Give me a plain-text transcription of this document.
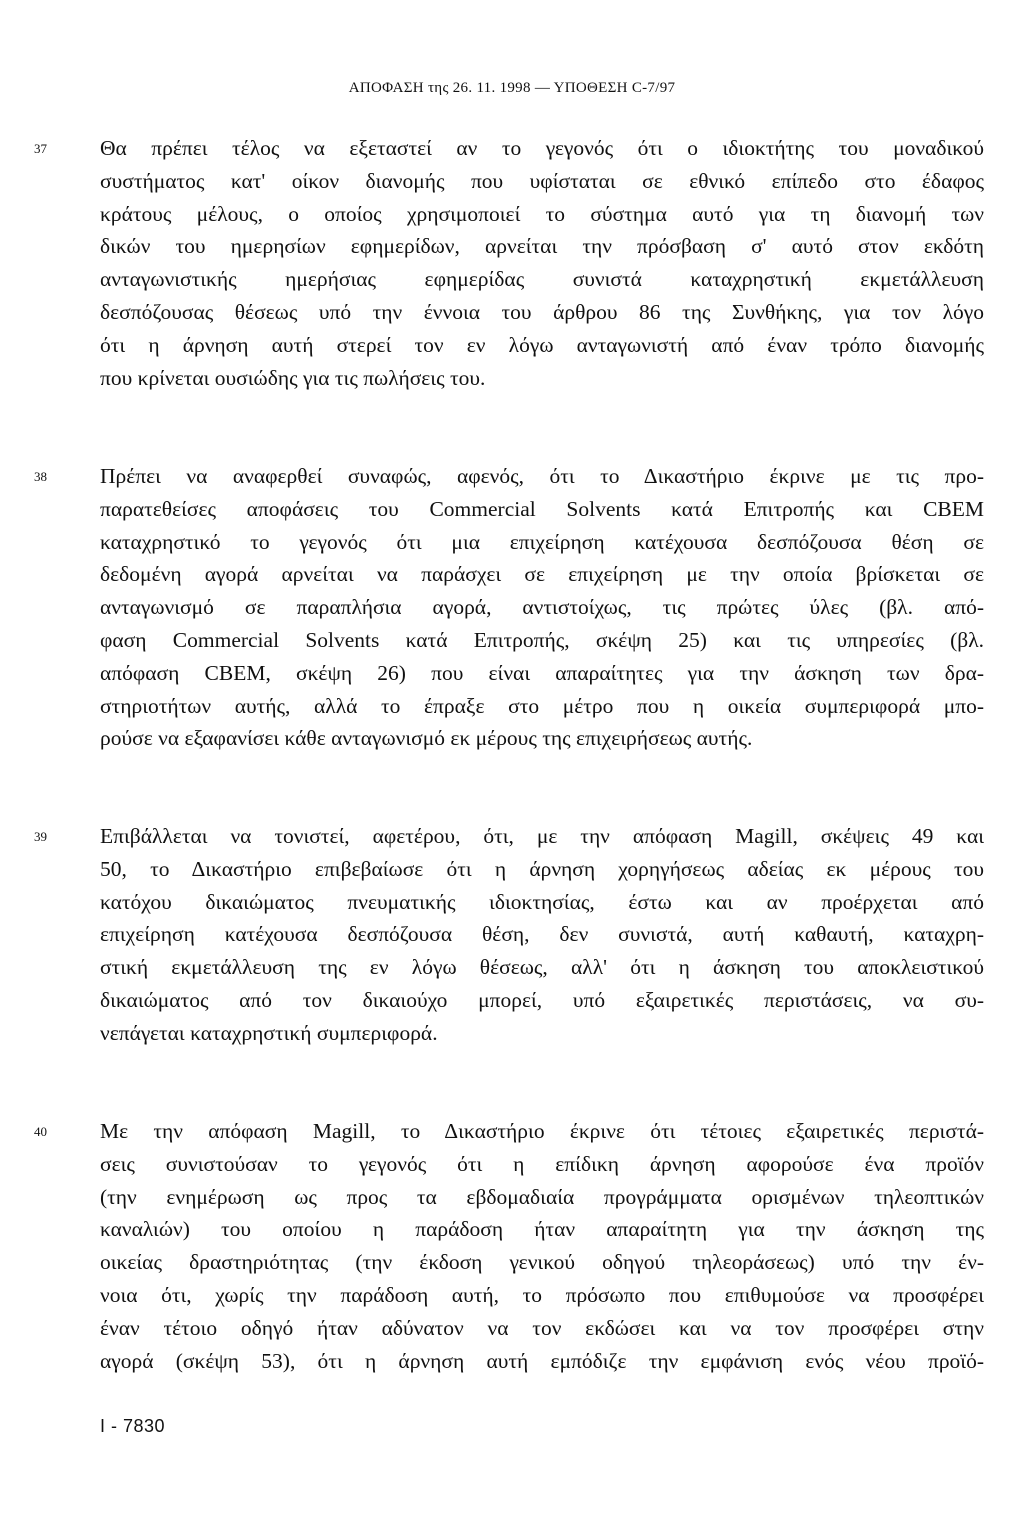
ΑΠΟΦΑΣΗ της 26. 11. 1998 — ΥΠΟΘΕΣΗ C-7/97
37 Θα πρέπει τέλος να εξεταστεί αν το γεγονός ότι ο ιδιοκτήτης του μοναδικού
συστήματος κατ' οίκον διανομής που υφίσταται σε εθνικό επίπεδο στο έδαφος
κράτους μέλους, ο οποίος χρησιμοποιεί το σύστημα αυτό για τη διανομή των
δικών του ημερησίων εφημερίδων, αρνείται την πρόσβαση σ' αυτό στον εκδότη
ανταγωνιστικής ημερήσιας εφημερίδας συνιστά καταχρηστική εκμετάλλευση
δεσπόζουσας θέσεως υπό την έννοια του άρθρου 86 της Συνθήκης, για τον λόγο
ότι η άρνηση αυτή στερεί τον εν λόγω ανταγωνιστή από έναν τρόπο διανομής
που κρίνεται ουσιώδης για τις πωλήσεις του.
38 Πρέπει να αναφερθεί συναφώς, αφενός, ότι το Δικαστήριο έκρινε με τις προ-
παρατεθείσες αποφάσεις του Commercial Solvents κατά Επιτροπής και CBEM
καταχρηστικό το γεγονός ότι μια επιχείρηση κατέχουσα δεσπόζουσα θέση σε
δεδομένη αγορά αρνείται να παράσχει σε επιχείρηση με την οποία βρίσκεται σε
ανταγωνισμό σε παραπλήσια αγορά, αντιστοίχως, τις πρώτες ύλες (βλ. από-
φαση Commercial Solvents κατά Επιτροπής, σκέψη 25) και τις υπηρεσίες (βλ.
απόφαση CBEM, σκέψη 26) που είναι απαραίτητες για την άσκηση των δρα-
στηριοτήτων αυτής, αλλά το έπραξε στο μέτρο που η οικεία συμπεριφορά μπο-
ρούσε να εξαφανίσει κάθε ανταγωνισμό εκ μέρους της επιχειρήσεως αυτής.
39 Επιβάλλεται να τονιστεί, αφετέρου, ότι, με την απόφαση Magill, σκέψεις 49 και
50, το Δικαστήριο επιβεβαίωσε ότι η άρνηση χορηγήσεως αδείας εκ μέρους του
κατόχου δικαιώματος πνευματικής ιδιοκτησίας, έστω και αν προέρχεται από
επιχείρηση κατέχουσα δεσπόζουσα θέση, δεν συνιστά, αυτή καθαυτή, καταχρη-
στική εκμετάλλευση της εν λόγω θέσεως, αλλ' ότι η άσκηση του αποκλειστικού
δικαιώματος από τον δικαιούχο μπορεί, υπό εξαιρετικές περιστάσεις, να συ-
νεπάγεται καταχρηστική συμπεριφορά.
40 Με την απόφαση Magill, το Δικαστήριο έκρινε ότι τέτοιες εξαιρετικές περιστά-
σεις συνιστούσαν το γεγονός ότι η επίδικη άρνηση αφορούσε ένα προϊόν
(την ενημέρωση ως προς τα εβδομαδιαία προγράμματα ορισμένων τηλεοπτικών
καναλιών) του οποίου η παράδοση ήταν απαραίτητη για την άσκηση της
οικείας δραστηριότητας (την έκδοση γενικού οδηγού τηλεοράσεως) υπό την έν-
νοια ότι, χωρίς την παράδοση αυτή, το πρόσωπο που επιθυμούσε να προσφέρει
έναν τέτοιο οδηγό ήταν αδύνατον να τον εκδώσει και να τον προσφέρει στην
αγορά (σκέψη 53), ότι η άρνηση αυτή εμπόδιζε την εμφάνιση ενός νέου προϊό-
I - 7830
